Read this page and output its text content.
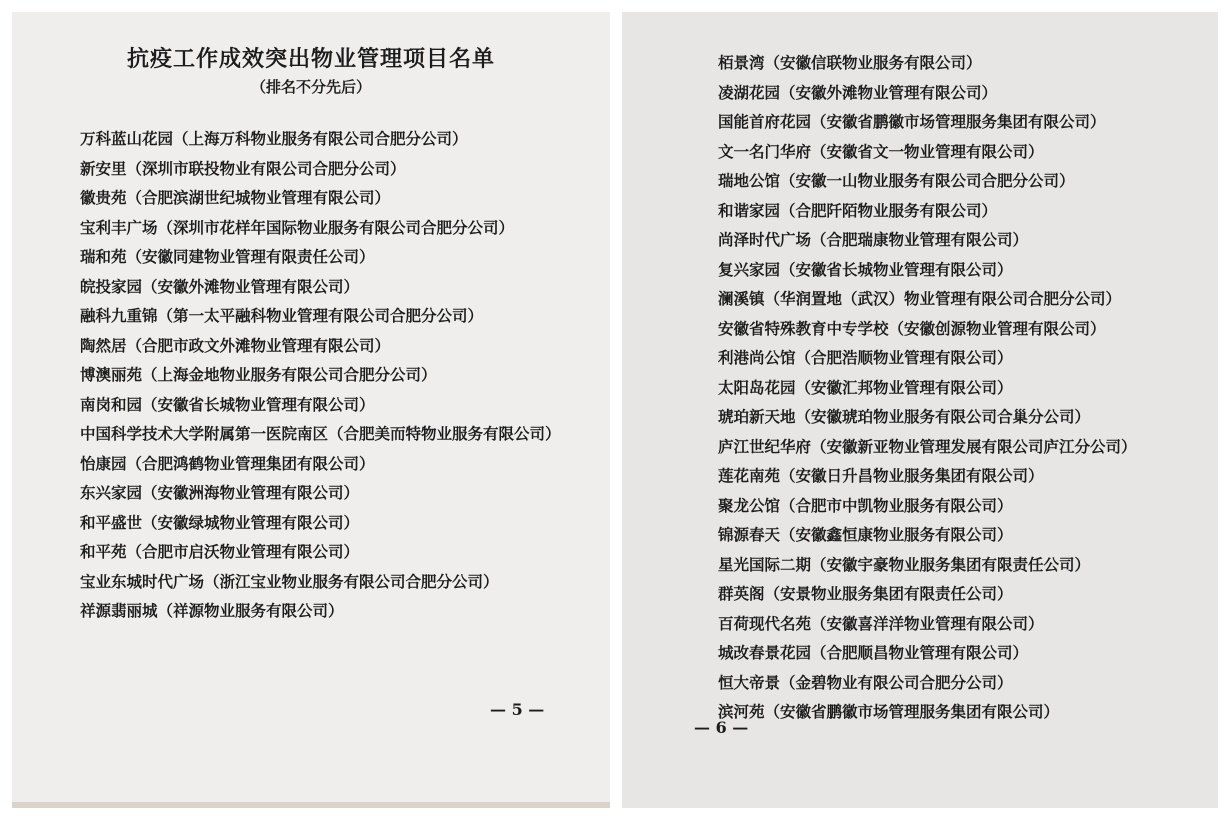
抗疫工作成效突出物业管理项目名单
（排名不分先后）
万科蓝山花园（上海万科物业服务有限公司合肥分公司）
新安里（深圳市联投物业有限公司合肥分公司）
徽贵苑（合肥滨湖世纪城物业管理有限公司）
宝利丰广场（深圳市花样年国际物业服务有限公司合肥分公司）
瑞和苑（安徽同建物业管理有限责任公司）
皖投家园（安徽外滩物业管理有限公司）
融科九重锦（第一太平融科物业管理有限公司合肥分公司）
陶然居（合肥市政文外滩物业管理有限公司）
博澳丽苑（上海金地物业服务有限公司合肥分公司）
南岗和园（安徽省长城物业管理有限公司）
中国科学技术大学附属第一医院南区（合肥美而特物业服务有限公司）
怡康园（合肥鸿鹤物业管理集团有限公司）
东兴家园（安徽洲海物业管理有限公司）
和平盛世（安徽绿城物业管理有限公司）
和平苑（合肥市启沃物业管理有限公司）
宝业东城时代广场（浙江宝业物业服务有限公司合肥分公司）
祥源翡丽城（祥源物业服务有限公司）
— 5 —
栢景湾（安徽信联物业服务有限公司）
凌湖花园（安徽外滩物业管理有限公司）
国能首府花园（安徽省鹏徽市场管理服务集团有限公司）
文一名门华府（安徽省文一物业管理有限公司）
瑞地公馆（安徽一山物业服务有限公司合肥分公司）
和谐家园（合肥阡陌物业服务有限公司）
尚泽时代广场（合肥瑞康物业管理有限公司）
复兴家园（安徽省长城物业管理有限公司）
澜溪镇（华润置地（武汉）物业管理有限公司合肥分公司）
安徽省特殊教育中专学校（安徽创源物业管理有限公司）
利港尚公馆（合肥浩顺物业管理有限公司）
太阳岛花园（安徽汇邦物业管理有限公司）
琥珀新天地（安徽琥珀物业服务有限公司合巢分公司）
庐江世纪华府（安徽新亚物业管理发展有限公司庐江分公司）
莲花南苑（安徽日升昌物业服务集团有限公司）
聚龙公馆（合肥市中凯物业服务有限公司）
锦源春天（安徽鑫恒康物业服务有限公司）
星光国际二期（安徽宇豪物业服务集团有限责任公司）
群英阁（安景物业服务集团有限责任公司）
百荷现代名苑（安徽喜洋洋物业管理有限公司）
城改春景花园（合肥顺昌物业管理有限公司）
恒大帝景（金碧物业有限公司合肥分公司）
滨河苑（安徽省鹏徽市场管理服务集团有限公司）
— 6 —
